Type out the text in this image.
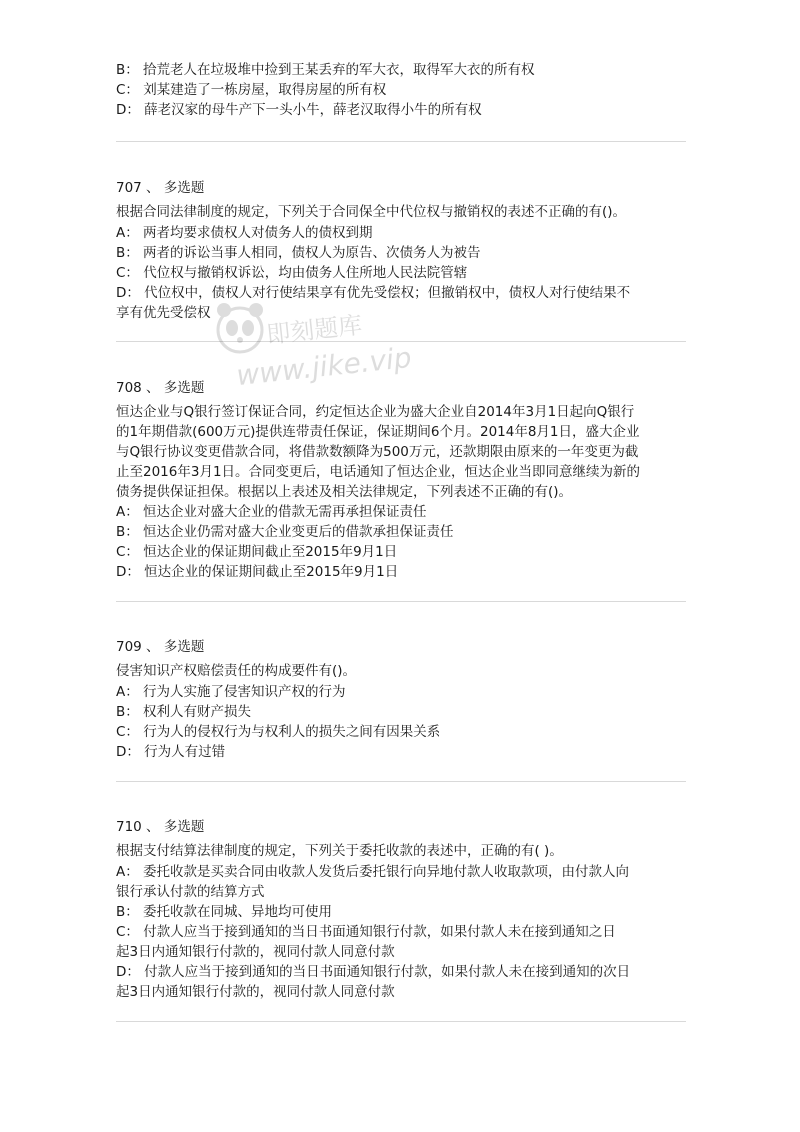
B： 拾荒老人在垃圾堆中捡到王某丢弃的军大衣，取得军大衣的所有权
C： 刘某建造了一栋房屋，取得房屋的所有权
D： 薛老汉家的母牛产下一头小牛，薛老汉取得小牛的所有权
707 、 多选题
根据合同法律制度的规定，下列关于合同保全中代位权与撤销权的表述不正确的有()。
A： 两者均要求债权人对债务人的债权到期
B： 两者的诉讼当事人相同，债权人为原告、次债务人为被告
C： 代位权与撤销权诉讼，均由债务人住所地人民法院管辖
D： 代位权中，债权人对行使结果享有优先受偿权；但撤销权中，债权人对行使结果不
享有优先受偿权
708 、 多选题
恒达企业与Q银行签订保证合同，约定恒达企业为盛大企业自2014年3月1日起向Q银行
的1年期借款(600万元)提供连带责任保证，保证期间6个月。2014年8月1日，盛大企业
与Q银行协议变更借款合同，将借款数额降为500万元，还款期限由原来的一年变更为截
止至2016年3月1日。合同变更后，电话通知了恒达企业，恒达企业当即同意继续为新的
债务提供保证担保。根据以上表述及相关法律规定，下列表述不正确的有()。
A： 恒达企业对盛大企业的借款无需再承担保证责任
B： 恒达企业仍需对盛大企业变更后的借款承担保证责任
C： 恒达企业的保证期间截止至2015年9月1日
D： 恒达企业的保证期间截止至2015年9月1日
709 、 多选题
侵害知识产权赔偿责任的构成要件有()。
A： 行为人实施了侵害知识产权的行为
B： 权利人有财产损失
C： 行为人的侵权行为与权利人的损失之间有因果关系
D： 行为人有过错
710 、 多选题
根据支付结算法律制度的规定，下列关于委托收款的表述中，正确的有( )。
A： 委托收款是买卖合同由收款人发货后委托银行向异地付款人收取款项，由付款人向
银行承认付款的结算方式
B： 委托收款在同城、异地均可使用
C： 付款人应当于接到通知的当日书面通知银行付款，如果付款人未在接到通知之日
起3日内通知银行付款的，视同付款人同意付款
D： 付款人应当于接到通知的当日书面通知银行付款，如果付款人未在接到通知的次日
起3日内通知银行付款的，视同付款人同意付款
即刻题库
www.jike.vip
